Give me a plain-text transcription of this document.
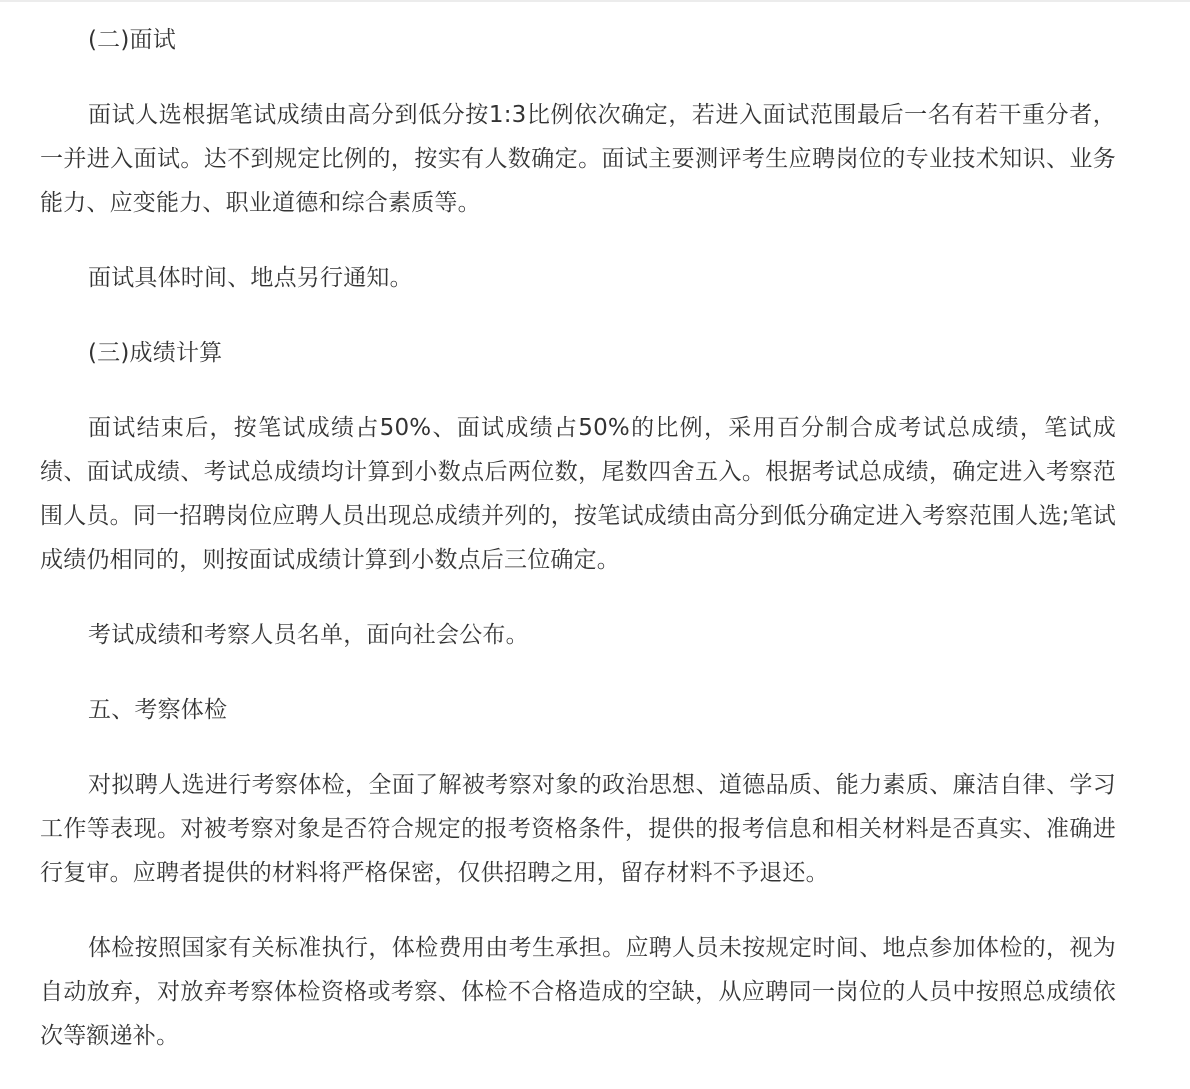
(二)面试

面试人选根据笔试成绩由高分到低分按1:3比例依次确定，若进入面试范围最后一名有若干重分者，一并进入面试。达不到规定比例的，按实有人数确定。面试主要测评考生应聘岗位的专业技术知识、业务能力、应变能力、职业道德和综合素质等。

面试具体时间、地点另行通知。

(三)成绩计算

面试结束后，按笔试成绩占50%、面试成绩占50%的比例，采用百分制合成考试总成绩，笔试成绩、面试成绩、考试总成绩均计算到小数点后两位数，尾数四舍五入。根据考试总成绩，确定进入考察范围人员。同一招聘岗位应聘人员出现总成绩并列的，按笔试成绩由高分到低分确定进入考察范围人选;笔试成绩仍相同的，则按面试成绩计算到小数点后三位确定。

考试成绩和考察人员名单，面向社会公布。

五、考察体检

对拟聘人选进行考察体检，全面了解被考察对象的政治思想、道德品质、能力素质、廉洁自律、学习工作等表现。对被考察对象是否符合规定的报考资格条件，提供的报考信息和相关材料是否真实、准确进行复审。应聘者提供的材料将严格保密，仅供招聘之用，留存材料不予退还。

体检按照国家有关标准执行，体检费用由考生承担。应聘人员未按规定时间、地点参加体检的，视为自动放弃，对放弃考察体检资格或考察、体检不合格造成的空缺，从应聘同一岗位的人员中按照总成绩依次等额递补。
